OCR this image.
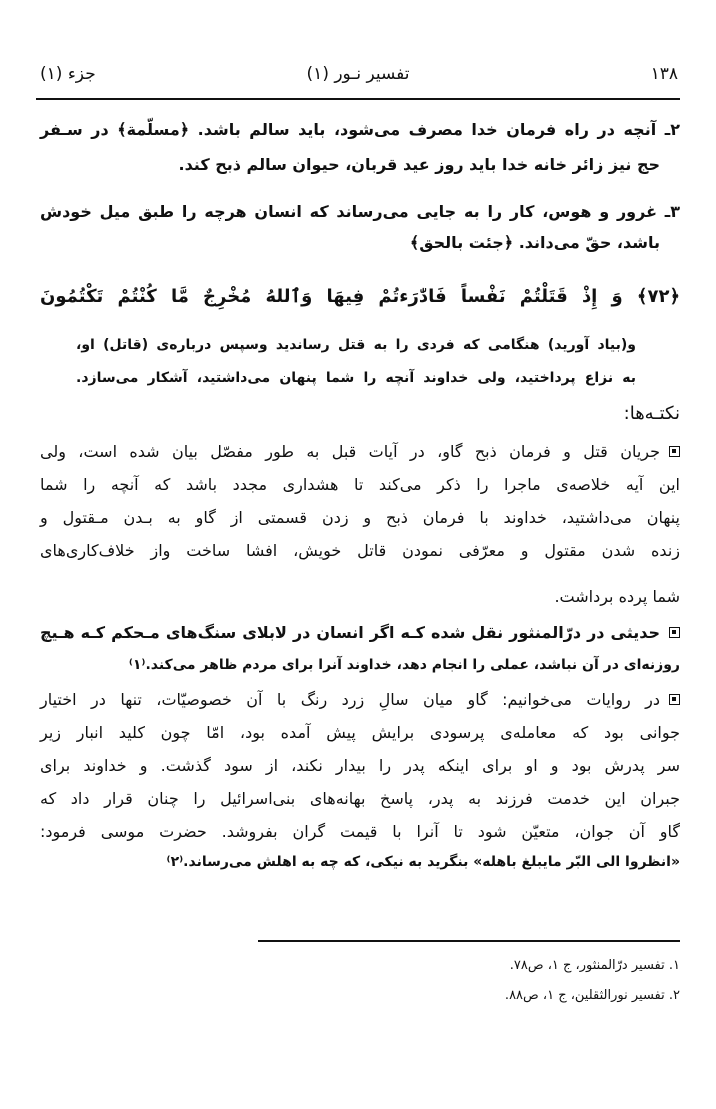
١٣٨
تفسیر نـور (١)
جزء (١)
٢ـ آنچه در راه فرمان خدا مصرف می‌شود، باید سالم باشد. ﴿مسلّمة﴾ در سـفر
حج نیز زائر خانه خدا باید روز عید قربان، حیوان سالم ذبح کند.
٣ـ غرور و هوس، کار را به جایی می‌رساند که انسان هرچه را طبق میل خودش
باشد، حقّ می‌داند. ﴿جئت بالحق﴾
﴿٧٢﴾ وَ إِذْ قَتَلْتُمْ نَفْساً فَادّٰرَءتُمْ فِيهَا وَٱللهُ مُخْرِجٌ مَّا كُنْتُمْ تَكْتُمُونَ
و(بیاد آورید) هنگامی که فردی را به قتل رساندید وسپس درباره‌ی (قاتل) او،
به نزاع پرداختید، ولی خداوند آنچه را شما پنهان می‌داشتید، آشکار می‌سازد.
نکتـه‌ها:
جریان قتل و فرمان ذبح گاو، در آیات قبل به طور مفصّل بیان شده است، ولی
این آیه خلاصه‌ی ماجرا را ذکر می‌کند تا هشداری مجدد باشد که آنچه را شما
پنهان می‌داشتید، خداوند با فرمان ذبح و زدن قسمتی از گاو به بـدن مـقتول و
زنده شدن مقتول و معرّفی نمودن قاتل خویش، افشا ساخت واز خلاف‌کاری‌های
شما پرده برداشت.
حدیثی در درّالمنثور نقل شده کـه اگر انسان در لابلای سنگ‌های مـحکم کـه هـیچ
روزنه‌ای در آن نباشد، عملی را انجام دهد، خداوند آنرا برای مردم ظاهر می‌کند.⁽١⁾
در روایات می‌خوانیم: گاو میان سالِ زرد رنگ با آن خصوصیّات، تنها در اختیار
جوانی بود که معامله‌ی پرسودی برایش پیش آمده بود، امّا چون کلید انبار زیر
سر پدرش بود و او برای اینکه پدر را بیدار نکند، از سود گذشت. و خداوند برای
جبران این خدمت فرزند به پدر، پاسخ بهانه‌های بنی‌اسرائیل را چنان قرار داد که
گاو آن جوان، متعیّن شود تا آنرا با قیمت گران بفروشد. حضرت موسی فرمود:
«انظروا الی البّر مایبلغ باهله» بنگرید به نیکی، که چه به اهلش می‌رساند.⁽٢⁾
١. تفسیر درّالمنثور، ج ١، ص٧٨.
٢. تفسیر نورالثقلین، ج ١، ص٨٨.
